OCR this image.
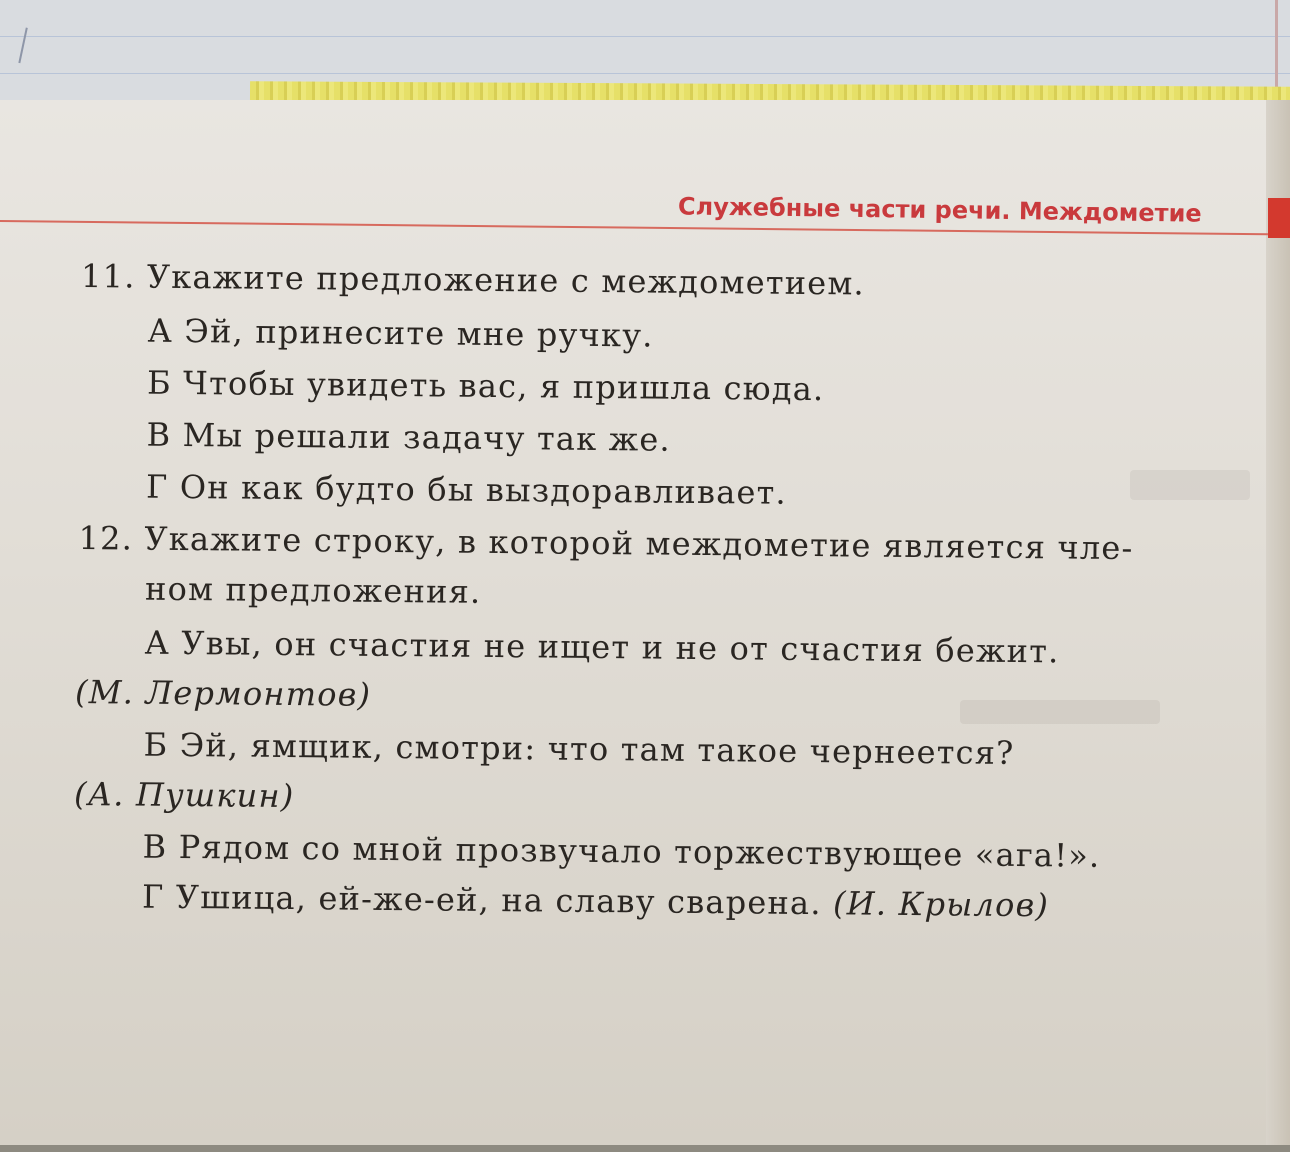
Служебные части речи. Междометие

11. Укажите предложение с междометием.

А Эй, принесите мне ручку.

Б Чтобы увидеть вас, я пришла сюда.

В Мы решали задачу так же.

Г Он как будто бы выздоравливает.

12. Укажите строку, в которой междометие является чле-

ном предложения.

А Увы, он счастия не ищет и не от счастия бежит.

(М. Лермонтов)

Б Эй, ямщик, смотри: что там такое чернеется?

(А. Пушкин)

В Рядом со мной прозвучало торжествующее «ага!».

Г Ушица, ей-же-ей, на славу сварена. (И. Крылов)
